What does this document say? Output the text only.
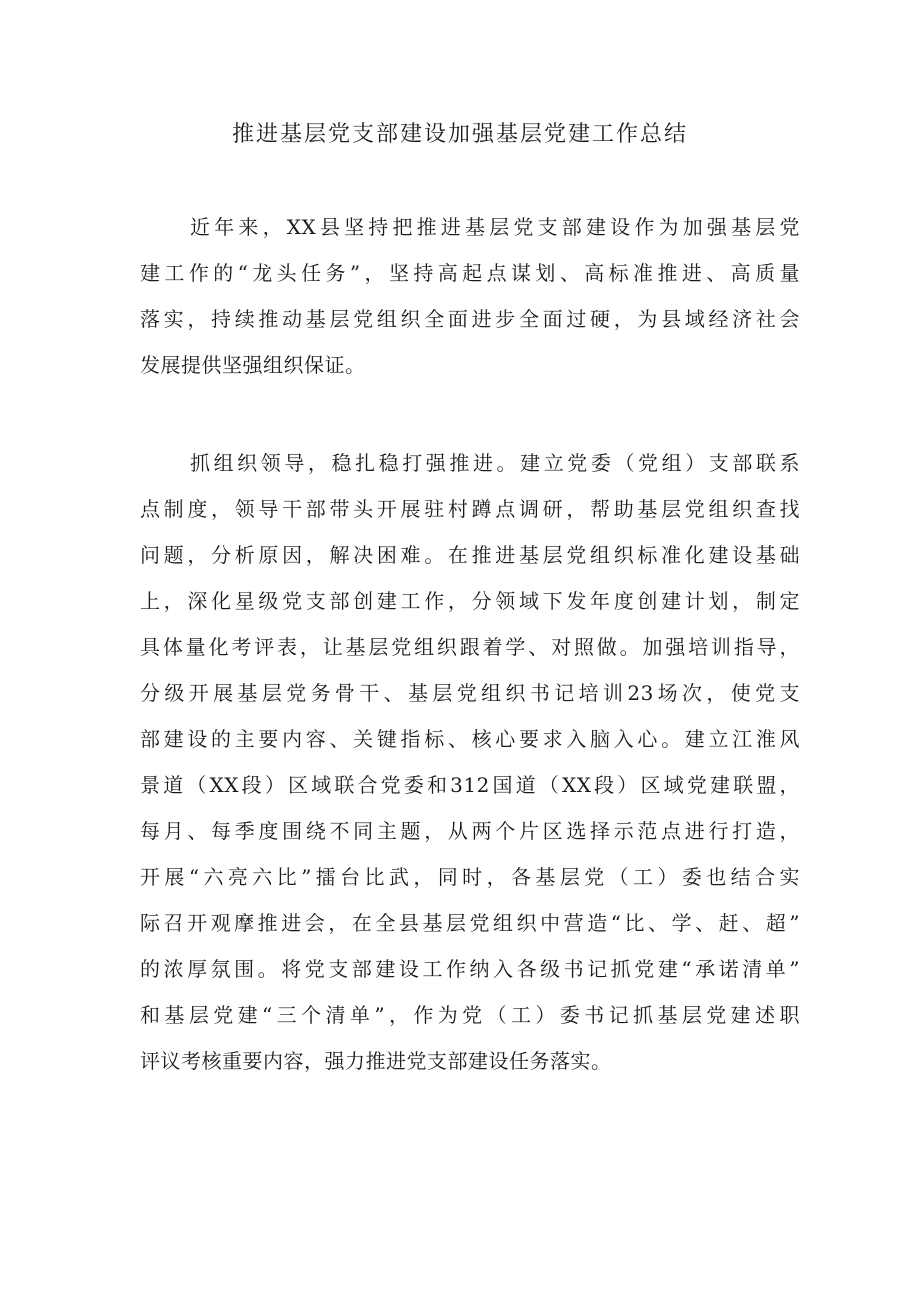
推进基层党支部建设加强基层党建工作总结
近年来，XX县坚持把推进基层党支部建设作为加强基层党
建工作的“龙头任务”，坚持高起点谋划、高标准推进、高质量
落实，持续推动基层党组织全面进步全面过硬，为县域经济社会
发展提供坚强组织保证。
抓组织领导，稳扎稳打强推进。建立党委（党组）支部联系
点制度，领导干部带头开展驻村蹲点调研，帮助基层党组织查找
问题，分析原因，解决困难。在推进基层党组织标准化建设基础
上，深化星级党支部创建工作，分领域下发年度创建计划，制定
具体量化考评表，让基层党组织跟着学、对照做。加强培训指导，
分级开展基层党务骨干、基层党组织书记培训23场次，使党支
部建设的主要内容、关键指标、核心要求入脑入心。建立江淮风
景道（XX段）区域联合党委和312国道（XX段）区域党建联盟，
每月、每季度围绕不同主题，从两个片区选择示范点进行打造，
开展“六亮六比”擂台比武，同时，各基层党（工）委也结合实
际召开观摩推进会，在全县基层党组织中营造“比、学、赶、超”
的浓厚氛围。将党支部建设工作纳入各级书记抓党建“承诺清单”
和基层党建“三个清单”，作为党（工）委书记抓基层党建述职
评议考核重要内容，强力推进党支部建设任务落实。
